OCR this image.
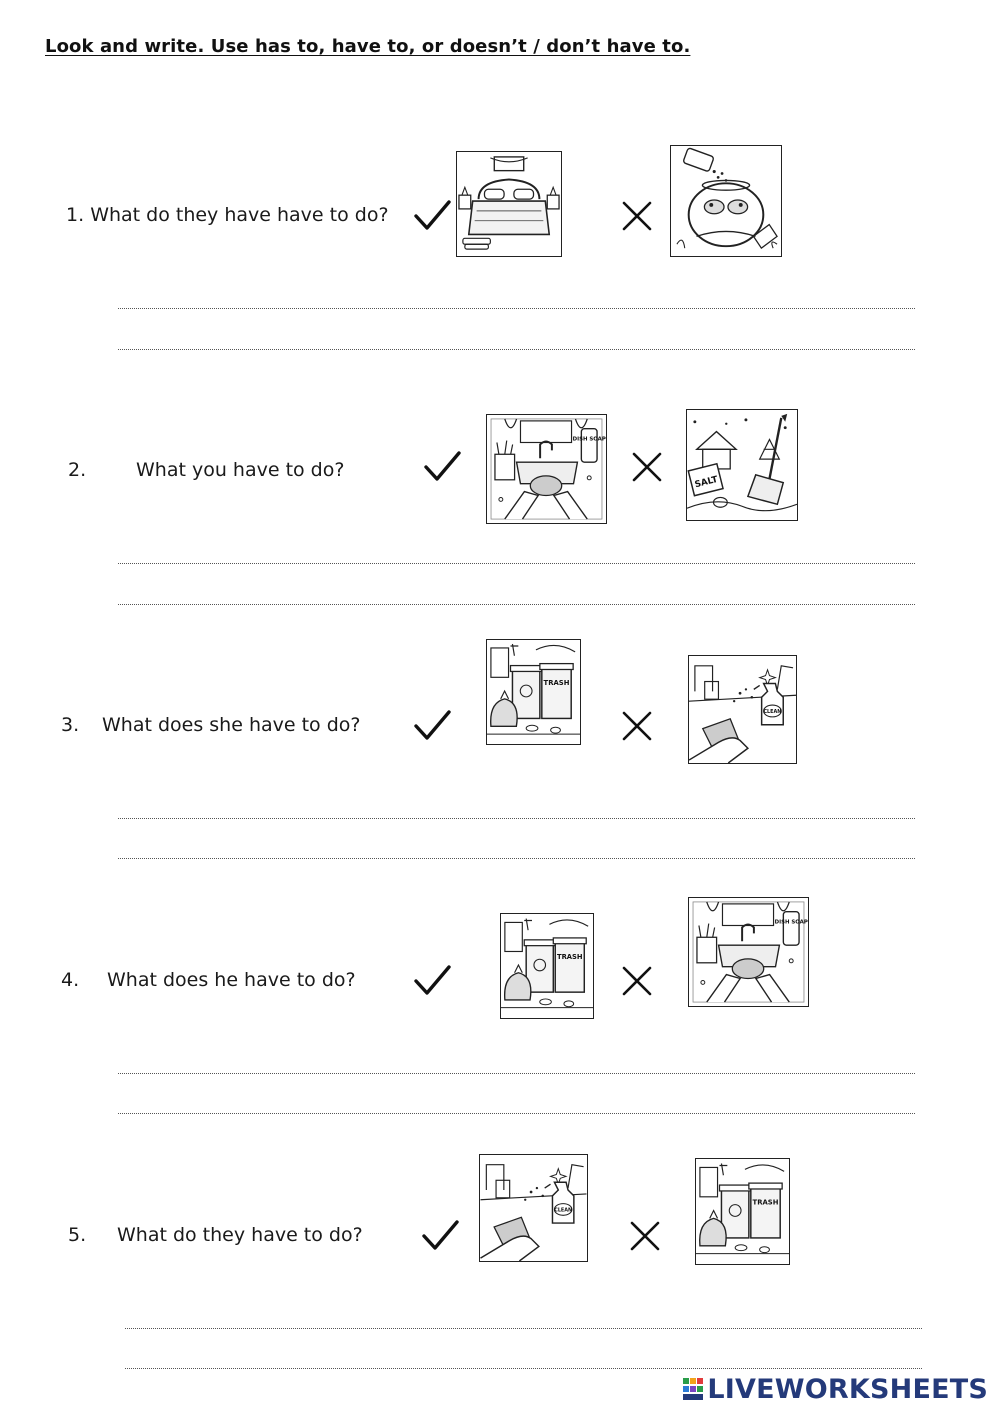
Look and write. Use has to, have to, or doesn’t / don’t have to.
1. What do they have have to do?
2.	What you have to do?
DISH SOAP
SALT
3. What does she have to do?
TRASH
CLEAN
4. What does he have to do?
TRASH
DISH SOAP
5. What do they have to do?
CLEAN
TRASH
LIVEWORKSHEETS
